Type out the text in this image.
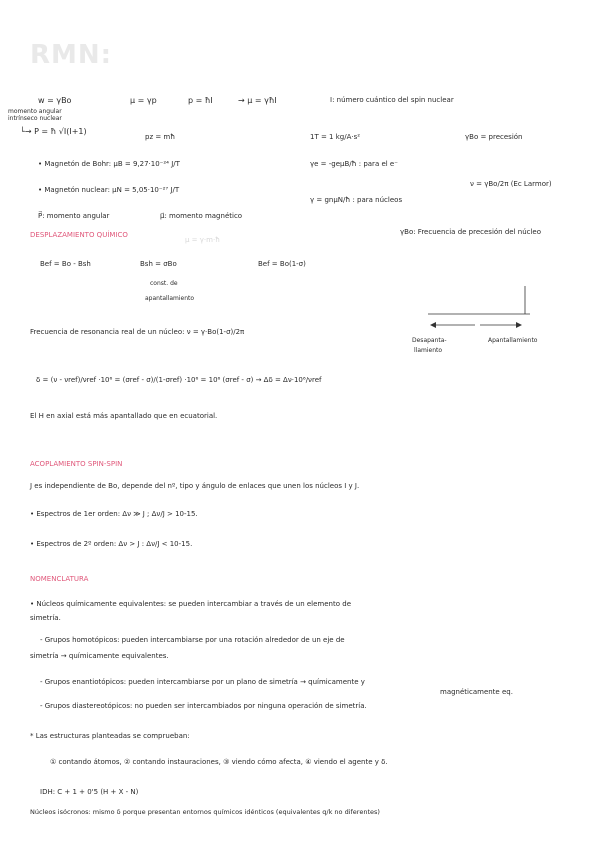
RMN:
w = γBo	μ = γp	p = ħI	→ μ = γħI	I: número cuántico del spin nuclear
momento angular intrínseco nuclear
└→ P = ħ √I(I+1)
pz = mħ	1T = 1 kg/A·s²	γBo = precesión
• Magnetón de Bohr: μB = 9,27·10⁻²⁴ J/T	γe = -geμB/ħ : para el e⁻
• Magnetón nuclear: μN = 5,05·10⁻²⁷ J/T
γ = gnμN/ħ : para núcleos
ν = γBo/2π (Ec Larmor)
P⃗: momento angular	μ⃗: momento magnético
μ = γ·m·ħ
DESPLAZAMIENTO QUÍMICO	γBo: Frecuencia de precesión del núcleo
Bef = Bo - Bsh	Bsh = σBo
const. de
apantallamiento
Bef = Bo(1-σ)
Desapanta-
llamiento
Apantallamiento
Frecuencia de resonancia real de un núcleo: ν = γ·Bo(1-σ)/2π
δ = (ν - νref)/νref ·10⁶ = (σref - σ)/(1-σref) ·10⁶ = 10⁶ (σref - σ) → Δδ = Δν·10⁶/νref
El H en axial está más apantallado que en ecuatorial.
ACOPLAMIENTO SPIN-SPIN
J es independiente de Bo, depende del nº, tipo y ángulo de enlaces que unen los núcleos I y J.
• Espectros de 1er orden: Δν ≫ J ; Δν/J > 10-15.
• Espectros de 2º orden: Δν > J : Δν/J < 10-15.
NOMENCLATURA
• Núcleos químicamente equivalentes: se pueden intercambiar a través de un elemento de
simetría.
- Grupos homotópicos: pueden intercambiarse por una rotación alrededor de un eje de
simetría → químicamente equivalentes.
- Grupos enantiotópicos: pueden intercambiarse por un plano de simetría → químicamente y
magnéticamente eq.
- Grupos diastereotópicos: no pueden ser intercambiados por ninguna operación de simetría.
* Las estructuras planteadas se comprueban:
① contando átomos, ② contando instauraciones, ③ viendo cómo afecta, ④ viendo el agente y δ.
IDH: C + 1 + 0'5 (H + X - N)
Núcleos isócronos: mismo δ porque presentan entornos químicos idénticos (equivalentes q/k no diferentes)
